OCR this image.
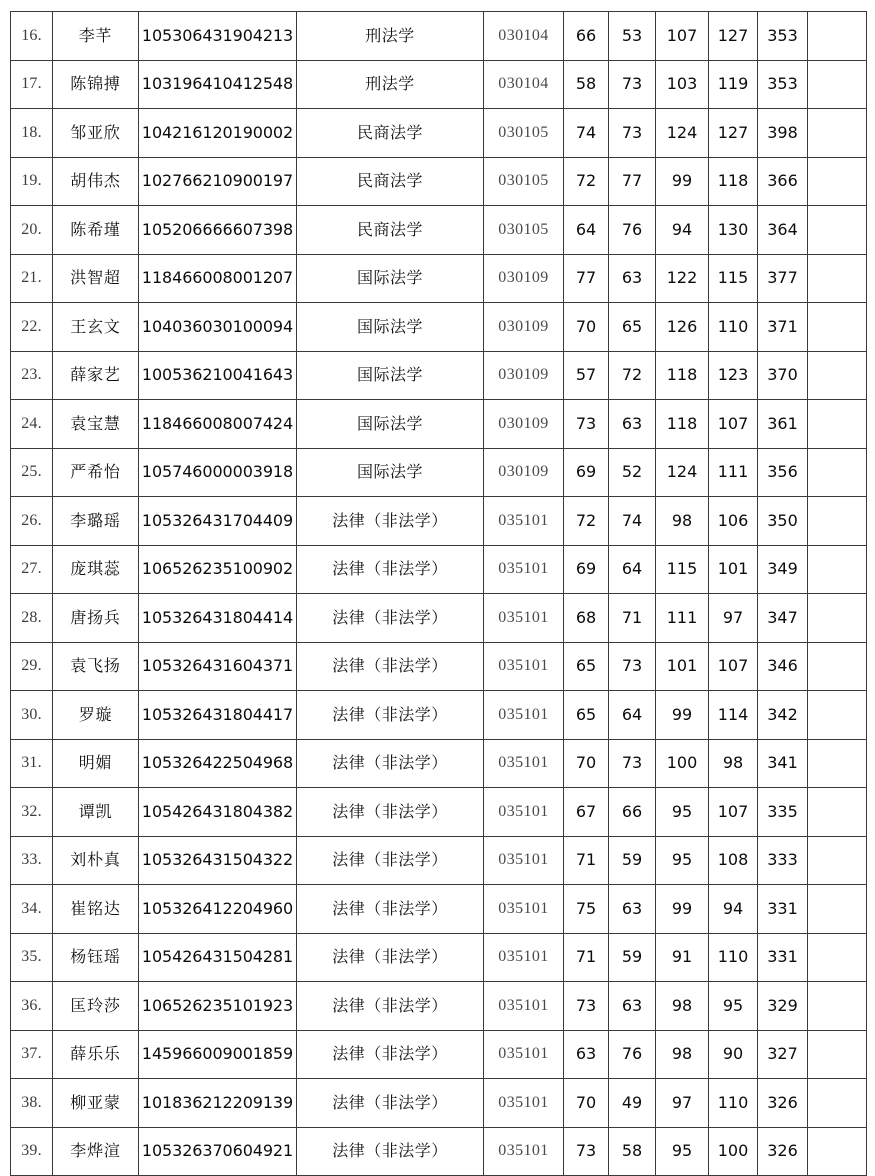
16.	李芊	105306431904213	刑法学	030104	66	53	107	127	353	
17.	陈锦搏	103196410412548	刑法学	030104	58	73	103	119	353	
18.	邹亚欣	104216120190002	民商法学	030105	74	73	124	127	398	
19.	胡伟杰	102766210900197	民商法学	030105	72	77	99	118	366	
20.	陈希瑾	105206666607398	民商法学	030105	64	76	94	130	364	
21.	洪智超	118466008001207	国际法学	030109	77	63	122	115	377	
22.	王玄文	104036030100094	国际法学	030109	70	65	126	110	371	
23.	薛家艺	100536210041643	国际法学	030109	57	72	118	123	370	
24.	袁宝慧	118466008007424	国际法学	030109	73	63	118	107	361	
25.	严希怡	105746000003918	国际法学	030109	69	52	124	111	356	
26.	李璐瑶	105326431704409	法律（非法学）	035101	72	74	98	106	350	
27.	庞琪蕊	106526235100902	法律（非法学）	035101	69	64	115	101	349	
28.	唐扬兵	105326431804414	法律（非法学）	035101	68	71	111	97	347	
29.	袁飞扬	105326431604371	法律（非法学）	035101	65	73	101	107	346	
30.	罗璇	105326431804417	法律（非法学）	035101	65	64	99	114	342	
31.	明媚	105326422504968	法律（非法学）	035101	70	73	100	98	341	
32.	谭凯	105426431804382	法律（非法学）	035101	67	66	95	107	335	
33.	刘朴真	105326431504322	法律（非法学）	035101	71	59	95	108	333	
34.	崔铭达	105326412204960	法律（非法学）	035101	75	63	99	94	331	
35.	杨钰瑶	105426431504281	法律（非法学）	035101	71	59	91	110	331	
36.	匡玲莎	106526235101923	法律（非法学）	035101	73	63	98	95	329	
37.	薛乐乐	145966009001859	法律（非法学）	035101	63	76	98	90	327	
38.	柳亚蒙	101836212209139	法律（非法学）	035101	70	49	97	110	326	
39.	李烨渲	105326370604921	法律（非法学）	035101	73	58	95	100	326	
